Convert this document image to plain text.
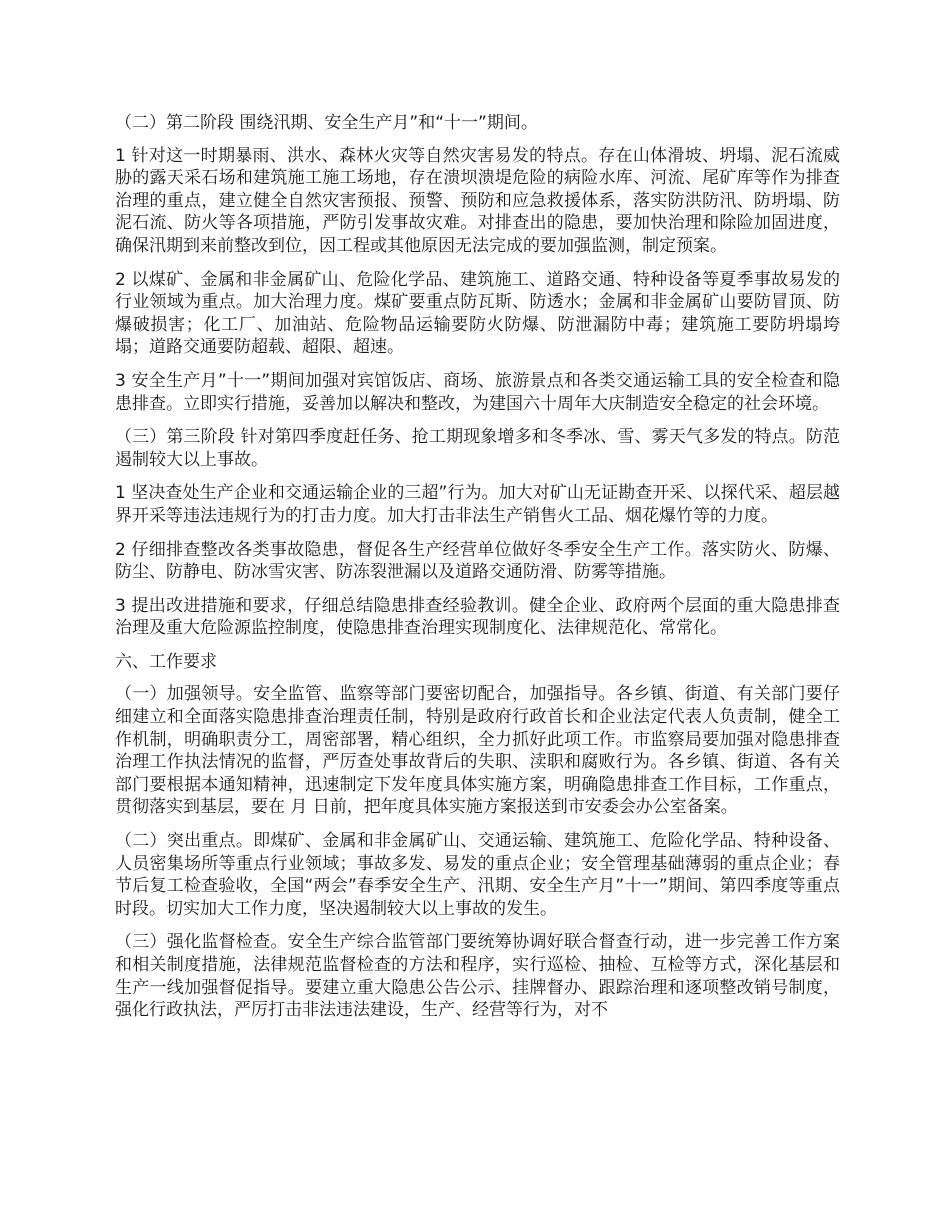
（二）第二阶段 围绕汛期、安全生产月”和“十一”期间。

1 针对这一时期暴雨、洪水、森林火灾等自然灾害易发的特点。存在山体滑坡、坍塌、泥石流威胁的露天采石场和建筑施工施工场地，存在溃坝溃堤危险的病险水库、河流、尾矿库等作为排查治理的重点，建立健全自然灾害预报、预警、预防和应急救援体系，落实防洪防汛、防坍塌、防泥石流、防火等各项措施，严防引发事故灾难。对排查出的隐患，要加快治理和除险加固进度，确保汛期到来前整改到位，因工程或其他原因无法完成的要加强监测，制定预案。

2 以煤矿、金属和非金属矿山、危险化学品、建筑施工、道路交通、特种设备等夏季事故易发的行业领域为重点。加大治理力度。煤矿要重点防瓦斯、防透水；金属和非金属矿山要防冒顶、防爆破损害；化工厂、加油站、危险物品运输要防火防爆、防泄漏防中毒；建筑施工要防坍塌垮塌；道路交通要防超载、超限、超速。

3 安全生产月”十一”期间加强对宾馆饭店、商场、旅游景点和各类交通运输工具的安全检查和隐患排查。立即实行措施，妥善加以解决和整改，为建国六十周年大庆制造安全稳定的社会环境。

（三）第三阶段 针对第四季度赶任务、抢工期现象增多和冬季冰、雪、雾天气多发的特点。防范遏制较大以上事故。

1 坚决查处生产企业和交通运输企业的三超”行为。加大对矿山无证勘查开采、以探代采、超层越界开采等违法违规行为的打击力度。加大打击非法生产销售火工品、烟花爆竹等的力度。

2 仔细排查整改各类事故隐患，督促各生产经营单位做好冬季安全生产工作。落实防火、防爆、防尘、防静电、防冰雪灾害、防冻裂泄漏以及道路交通防滑、防雾等措施。

3 提出改进措施和要求，仔细总结隐患排查经验教训。健全企业、政府两个层面的重大隐患排查治理及重大危险源监控制度，使隐患排查治理实现制度化、法律规范化、常常化。

六、工作要求

（一）加强领导。安全监管、监察等部门要密切配合，加强指导。各乡镇、街道、有关部门要仔细建立和全面落实隐患排查治理责任制，特别是政府行政首长和企业法定代表人负责制，健全工作机制，明确职责分工，周密部署，精心组织，全力抓好此项工作。市监察局要加强对隐患排查治理工作执法情况的监督，严厉查处事故背后的失职、渎职和腐败行为。各乡镇、街道、各有关部门要根据本通知精神，迅速制定下发年度具体实施方案，明确隐患排查工作目标，工作重点，贯彻落实到基层，要在 月 日前，把年度具体实施方案报送到市安委会办公室备案。

（二）突出重点。即煤矿、金属和非金属矿山、交通运输、建筑施工、危险化学品、特种设备、人员密集场所等重点行业领域；事故多发、易发的重点企业；安全管理基础薄弱的重点企业；春节后复工检查验收，全国“两会”春季安全生产、汛期、安全生产月”十一”期间、第四季度等重点时段。切实加大工作力度，坚决遏制较大以上事故的发生。

（三）强化监督检查。安全生产综合监管部门要统筹协调好联合督查行动，进一步完善工作方案和相关制度措施，法律规范监督检查的方法和程序，实行巡检、抽检、互检等方式，深化基层和生产一线加强督促指导。要建立重大隐患公告公示、挂牌督办、跟踪治理和逐项整改销号制度，强化行政执法，严厉打击非法违法建设，生产、经营等行为，对不
